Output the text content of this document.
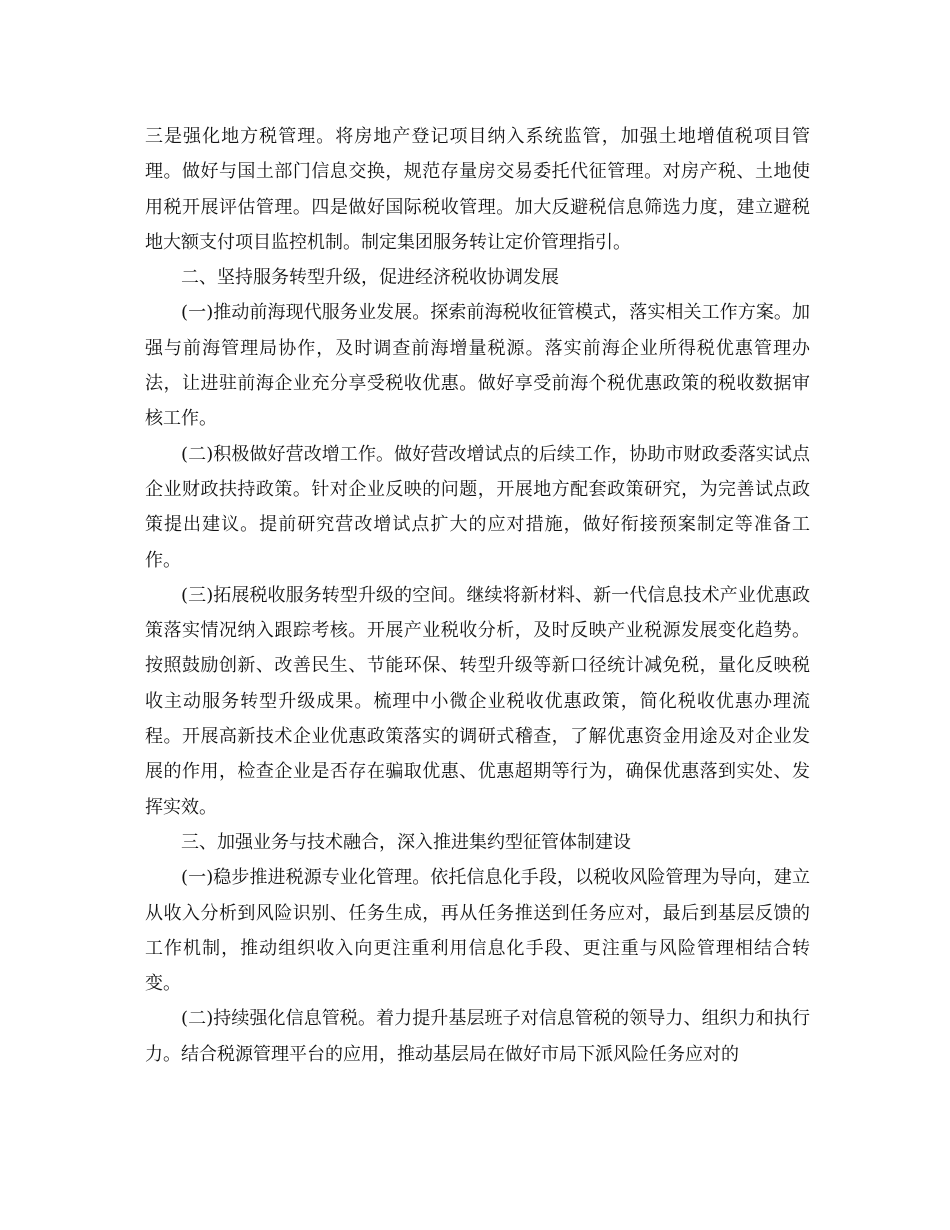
三是强化地方税管理。将房地产登记项目纳入系统监管，加强土地增值税项目管理。做好与国土部门信息交换，规范存量房交易委托代征管理。对房产税、土地使用税开展评估管理。四是做好国际税收管理。加大反避税信息筛选力度，建立避税地大额支付项目监控机制。制定集团服务转让定价管理指引。

二、坚持服务转型升级，促进经济税收协调发展

(一)推动前海现代服务业发展。探索前海税收征管模式，落实相关工作方案。加强与前海管理局协作，及时调查前海增量税源。落实前海企业所得税优惠管理办法，让进驻前海企业充分享受税收优惠。做好享受前海个税优惠政策的税收数据审核工作。

(二)积极做好营改增工作。做好营改增试点的后续工作，协助市财政委落实试点企业财政扶持政策。针对企业反映的问题，开展地方配套政策研究，为完善试点政策提出建议。提前研究营改增试点扩大的应对措施，做好衔接预案制定等准备工作。

(三)拓展税收服务转型升级的空间。继续将新材料、新一代信息技术产业优惠政策落实情况纳入跟踪考核。开展产业税收分析，及时反映产业税源发展变化趋势。按照鼓励创新、改善民生、节能环保、转型升级等新口径统计减免税，量化反映税收主动服务转型升级成果。梳理中小微企业税收优惠政策，简化税收优惠办理流程。开展高新技术企业优惠政策落实的调研式稽查，了解优惠资金用途及对企业发展的作用，检查企业是否存在骗取优惠、优惠超期等行为，确保优惠落到实处、发挥实效。

三、加强业务与技术融合，深入推进集约型征管体制建设

(一)稳步推进税源专业化管理。依托信息化手段，以税收风险管理为导向，建立从收入分析到风险识别、任务生成，再从任务推送到任务应对，最后到基层反馈的工作机制，推动组织收入向更注重利用信息化手段、更注重与风险管理相结合转变。

(二)持续强化信息管税。着力提升基层班子对信息管税的领导力、组织力和执行力。结合税源管理平台的应用，推动基层局在做好市局下派风险任务应对的
